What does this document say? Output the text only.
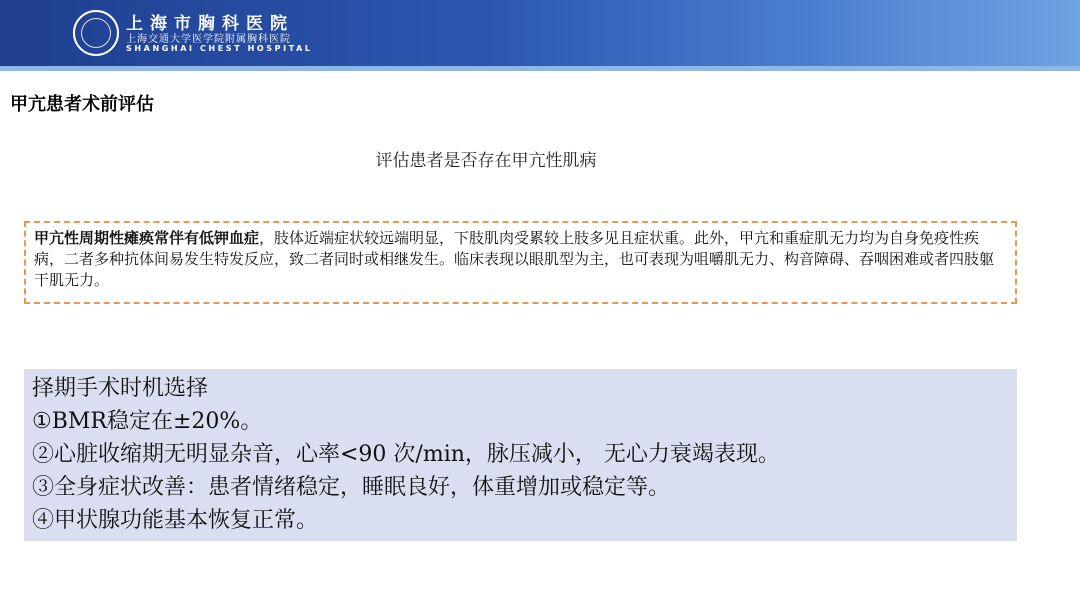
上海市胸科医院
上海交通大学医学院附属胸科医院
SHANGHAI CHEST HOSPITAL
甲亢患者术前评估
评估患者是否存在甲亢性肌病
甲亢性周期性瘫痪常伴有低钾血症，肢体近端症状较远端明显，下肢肌肉受累较上肢多见且症状重。此外，甲亢和重症肌无力均为自身免疫性疾病，二者多种抗体间易发生特发反应，致二者同时或相继发生。临床表现以眼肌型为主，也可表现为咀嚼肌无力、构音障碍、吞咽困难或者四肢躯干肌无力。
择期手术时机选择
①BMR稳定在±20%。
②心脏收缩期无明显杂音，心率<90 次/min，脉压减小， 无心力衰竭表现。
③全身症状改善：患者情绪稳定，睡眠良好，体重增加或稳定等。
④甲状腺功能基本恢复正常。
